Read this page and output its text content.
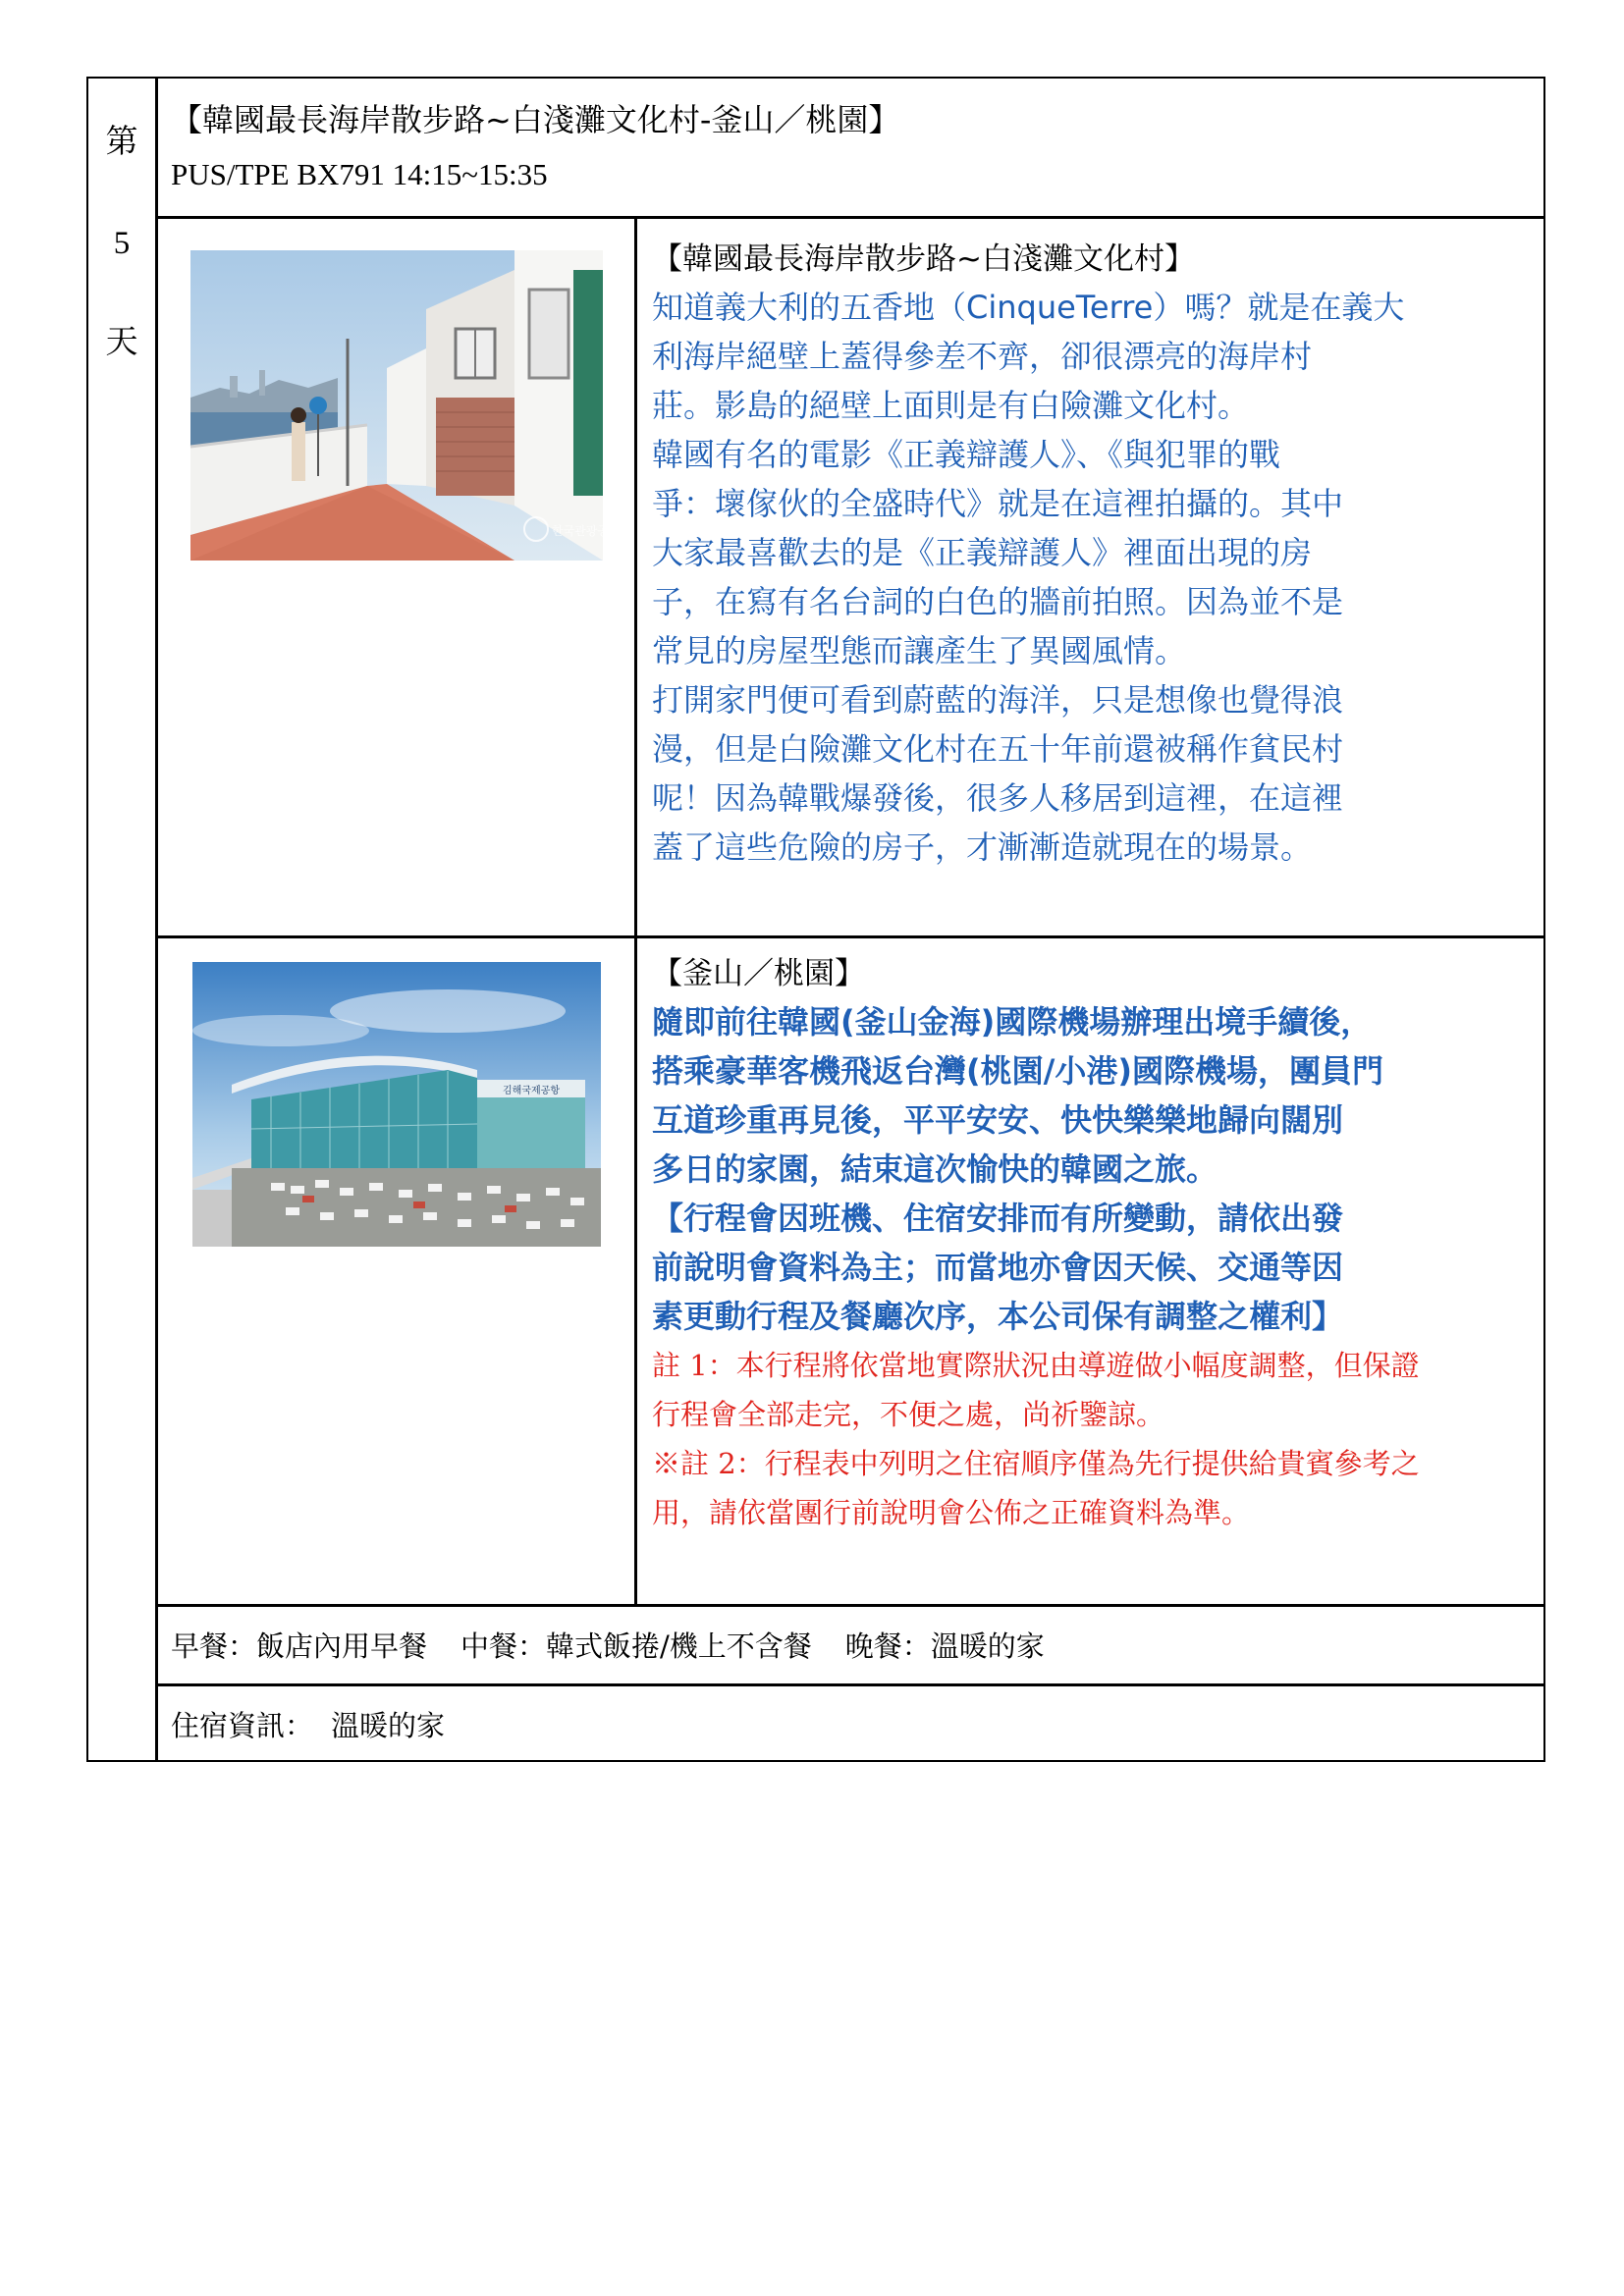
第
5
天
【韓國最長海岸散步路~白淺灘文化村-釜山／桃園】
PUS/TPE BX791 14:15~15:35
한국관광공사
【韓國最長海岸散步路~白淺灘文化村】

知道義大利的五香地（CinqueTerre）嗎？就是在義大

利海岸絕壁上蓋得參差不齊，卻很漂亮的海岸村

莊。影島的絕壁上面則是有白險灘文化村。

韓國有名的電影《正義辯護人》、《與犯罪的戰

爭：壞傢伙的全盛時代》就是在這裡拍攝的。其中

大家最喜歡去的是《正義辯護人》裡面出現的房

子，在寫有名台詞的白色的牆前拍照。因為並不是

常見的房屋型態而讓產生了異國風情。

打開家門便可看到蔚藍的海洋，只是想像也覺得浪

漫，但是白險灘文化村在五十年前還被稱作貧民村

呢！因為韓戰爆發後，很多人移居到這裡，在這裡

蓋了這些危險的房子，才漸漸造就現在的場景。

김해국제공항
【釜山／桃園】

隨即前往韓國(釜山金海)國際機場辦理出境手續後，

搭乘豪華客機飛返台灣(桃園/小港)國際機場，團員門

互道珍重再見後，平平安安、快快樂樂地歸向闊別

多日的家園，結束這次愉快的韓國之旅。

【行程會因班機、住宿安排而有所變動，請依出發

前說明會資料為主；而當地亦會因天候、交通等因

素更動行程及餐廳次序，本公司保有調整之權利】

註 1：本行程將依當地實際狀況由導遊做小幅度調整，但保證

行程會全部走完，不便之處，尚祈鑒諒。

※註 2：行程表中列明之住宿順序僅為先行提供給貴賓參考之

用，請依當團行前說明會公佈之正確資料為準。

早餐：飯店內用早餐 中餐：韓式飯捲/機上不含餐 晚餐：溫暖的家
住宿資訊： 溫暖的家
